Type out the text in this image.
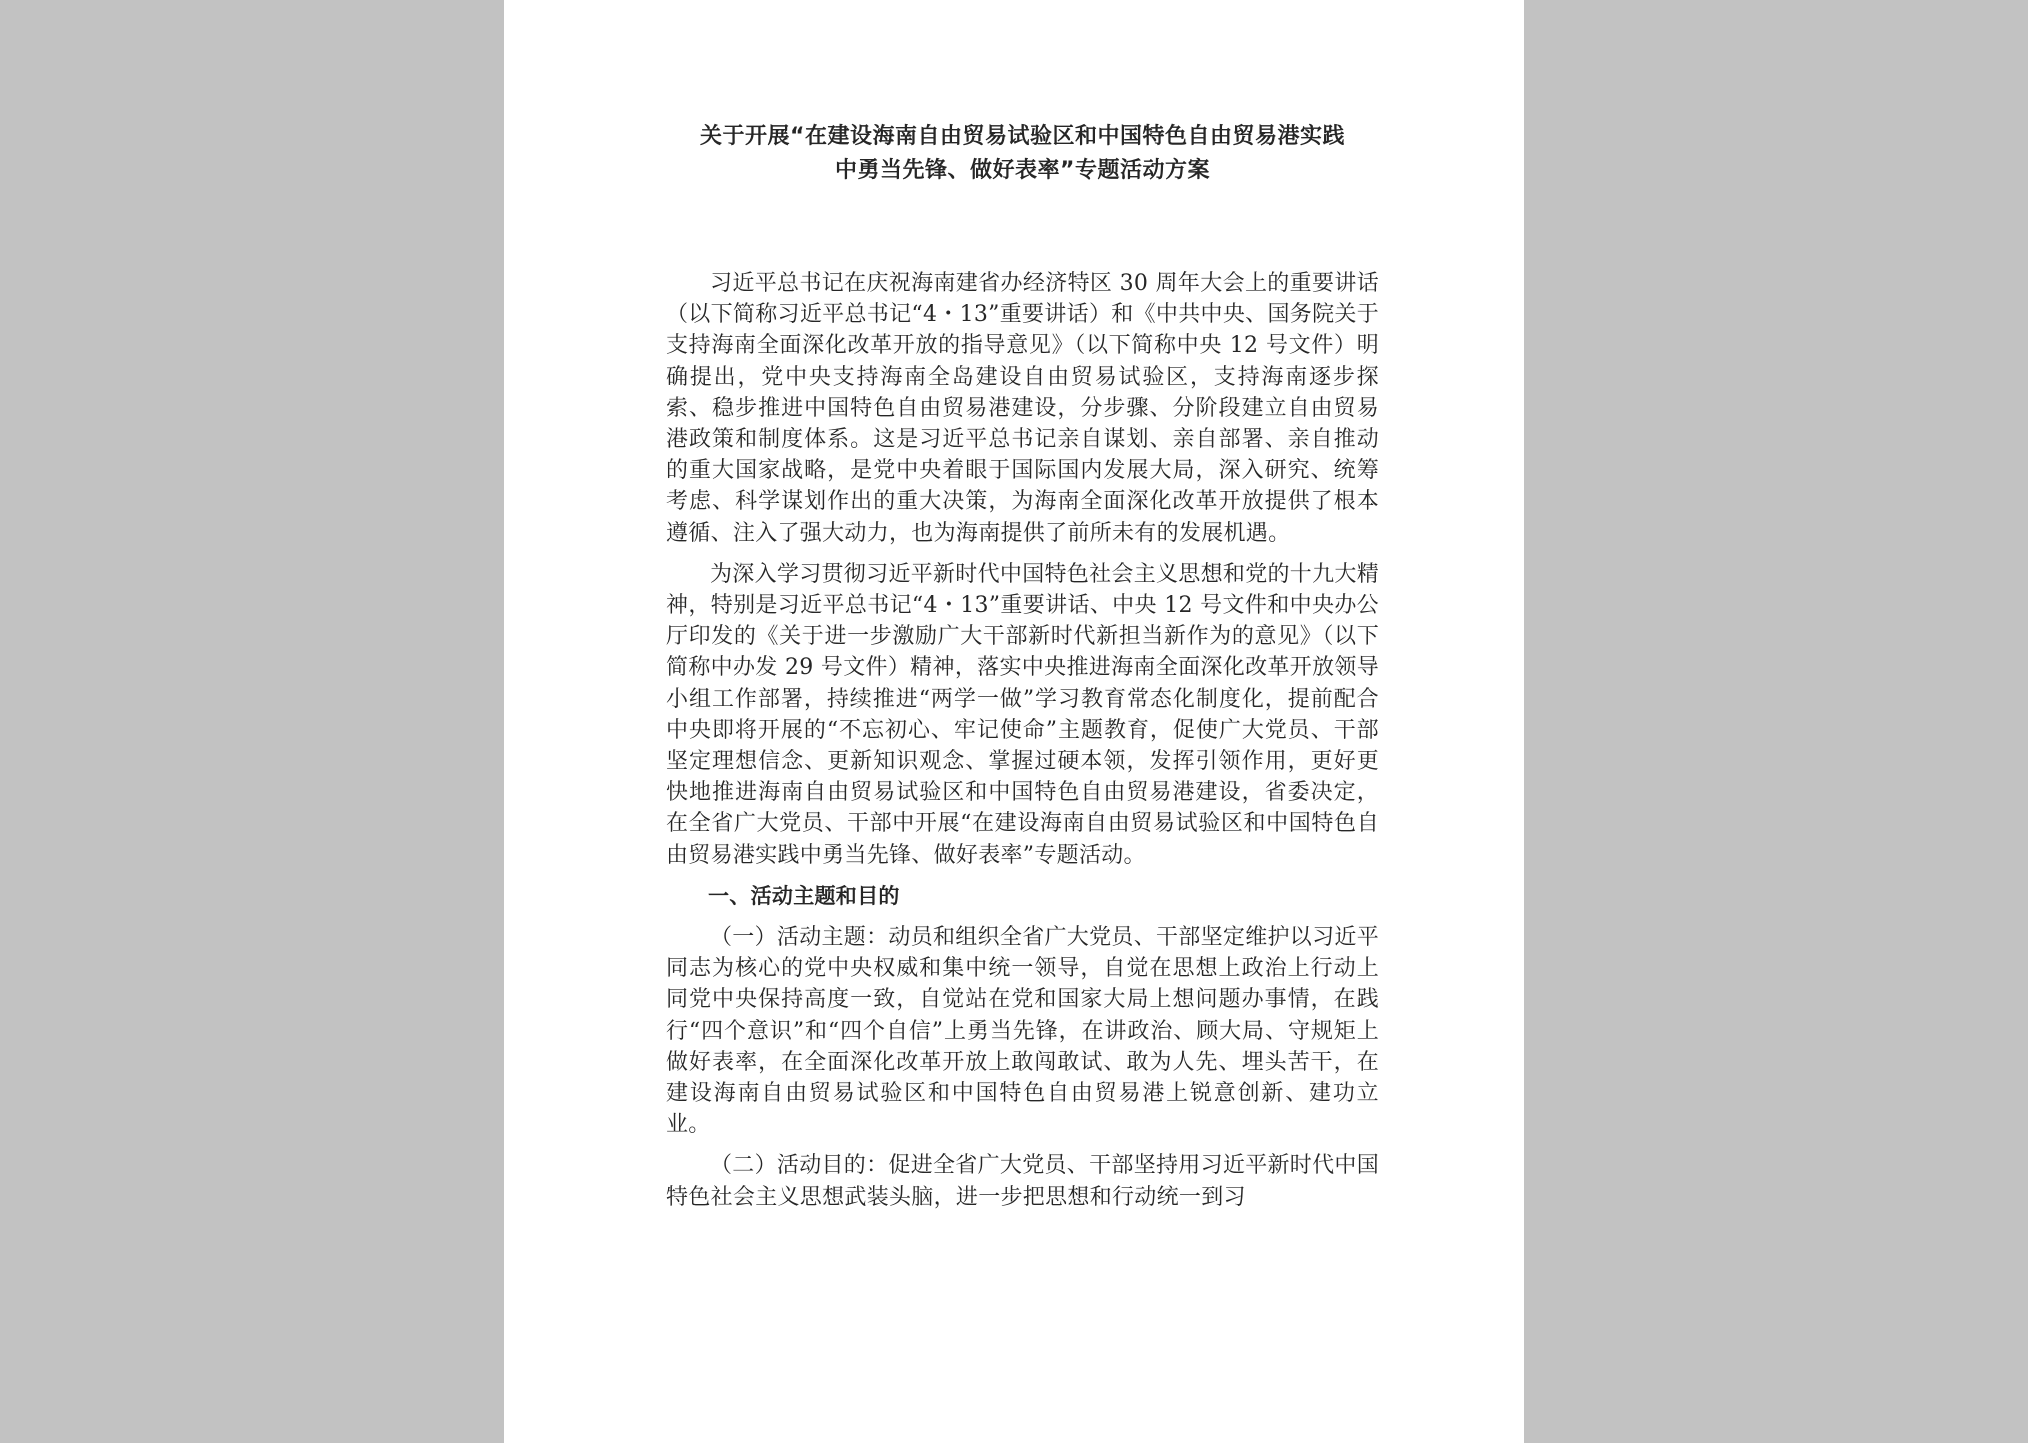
关于开展“在建设海南自由贸易试验区和中国特色自由贸易港实践
中勇当先锋、做好表率”专题活动方案

习近平总书记在庆祝海南建省办经济特区 30 周年大会上的重要讲话（以下简称习近平总书记“4・13”重要讲话）和《中共中央、国务院关于支持海南全面深化改革开放的指导意见》（以下简称中央 12 号文件）明确提出，党中央支持海南全岛建设自由贸易试验区，支持海南逐步探索、稳步推进中国特色自由贸易港建设，分步骤、分阶段建立自由贸易港政策和制度体系。这是习近平总书记亲自谋划、亲自部署、亲自推动的重大国家战略，是党中央着眼于国际国内发展大局，深入研究、统筹考虑、科学谋划作出的重大决策，为海南全面深化改革开放提供了根本遵循、注入了强大动力，也为海南提供了前所未有的发展机遇。

为深入学习贯彻习近平新时代中国特色社会主义思想和党的十九大精神，特别是习近平总书记“4・13”重要讲话、中央 12 号文件和中央办公厅印发的《关于进一步激励广大干部新时代新担当新作为的意见》（以下简称中办发 29 号文件）精神，落实中央推进海南全面深化改革开放领导小组工作部署，持续推进“两学一做”学习教育常态化制度化，提前配合中央即将开展的“不忘初心、牢记使命”主题教育，促使广大党员、干部坚定理想信念、更新知识观念、掌握过硬本领，发挥引领作用，更好更快地推进海南自由贸易试验区和中国特色自由贸易港建设，省委决定，在全省广大党员、干部中开展“在建设海南自由贸易试验区和中国特色自由贸易港实践中勇当先锋、做好表率”专题活动。

一、活动主题和目的

（一）活动主题：动员和组织全省广大党员、干部坚定维护以习近平同志为核心的党中央权威和集中统一领导，自觉在思想上政治上行动上同党中央保持高度一致，自觉站在党和国家大局上想问题办事情，在践行“四个意识”和“四个自信”上勇当先锋，在讲政治、顾大局、守规矩上做好表率，在全面深化改革开放上敢闯敢试、敢为人先、埋头苦干，在建设海南自由贸易试验区和中国特色自由贸易港上锐意创新、建功立业。

（二）活动目的：促进全省广大党员、干部坚持用习近平新时代中国特色社会主义思想武装头脑，进一步把思想和行动统一到习
